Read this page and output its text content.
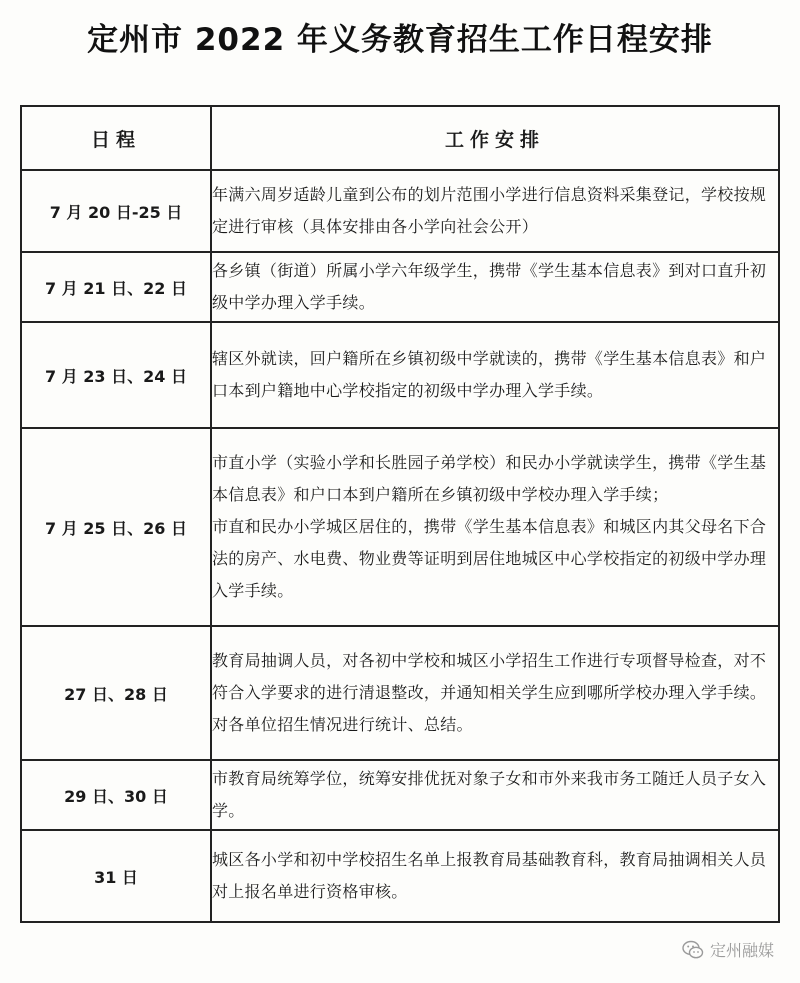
定州市 2022 年义务教育招生工作日程安排
日程	工作安排
7 月 20 日-25 日	年满六周岁适龄儿童到公布的划片范围小学进行信息资料采集登记，学校按规定进行审核（具体安排由各小学向社会公开）

7 月 21 日、22 日	各乡镇（街道）所属小学六年级学生，携带《学生基本信息表》到对口直升初级中学办理入学手续。

7 月 23 日、24 日	辖区外就读，回户籍所在乡镇初级中学就读的，携带《学生基本信息表》和户口本到户籍地中心学校指定的初级中学办理入学手续。

7 月 25 日、26 日	市直小学（实验小学和长胜园子弟学校）和民办小学就读学生，携带《学生基本信息表》和户口本到户籍所在乡镇初级中学校办理入学手续；
市直和民办小学城区居住的，携带《学生基本信息表》和城区内其父母名下合法的房产、水电费、物业费等证明到居住地城区中心学校指定的初级中学办理入学手续。

27 日、28 日	教育局抽调人员，对各初中学校和城区小学招生工作进行专项督导检查，对不符合入学要求的进行清退整改，并通知相关学生应到哪所学校办理入学手续。对各单位招生情况进行统计、总结。

29 日、30 日	市教育局统筹学位，统筹安排优抚对象子女和市外来我市务工随迁人员子女入学。

31 日	城区各小学和初中学校招生名单上报教育局基础教育科，教育局抽调相关人员对上报名单进行资格审核。
定州融媒
